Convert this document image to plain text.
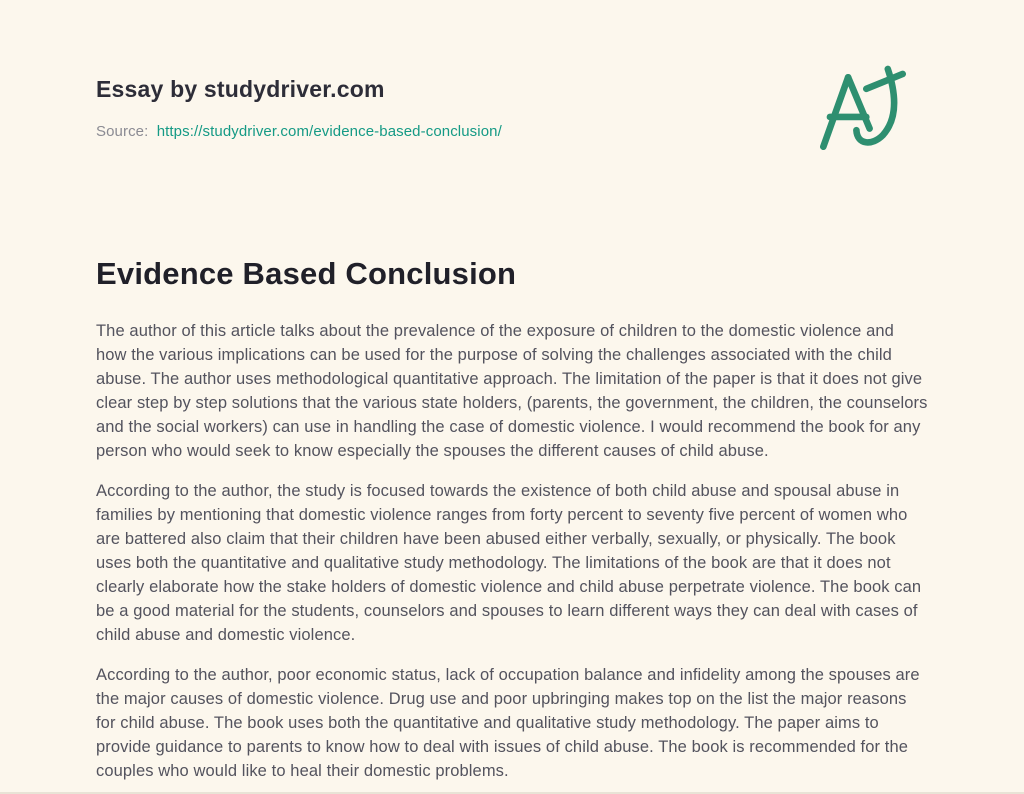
Essay by studydriver.com
Source: https://studydriver.com/evidence-based-conclusion/
Evidence Based Conclusion

The author of this article talks about the prevalence of the exposure of children to the domestic violence and how the various implications can be used for the purpose of solving the challenges associated with the child abuse. The author uses methodological quantitative approach. The limitation of the paper is that it does not give clear step by step solutions that the various state holders, (parents, the government, the children, the counselors and the social workers) can use in handling the case of domestic violence. I would recommend the book for any person who would seek to know especially the spouses the different causes of child abuse.

According to the author, the study is focused towards the existence of both child abuse and spousal abuse in families by mentioning that domestic violence ranges from forty percent to seventy five percent of women who are battered also claim that their children have been abused either verbally, sexually, or physically. The book uses both the quantitative and qualitative study methodology. The limitations of the book are that it does not clearly elaborate how the stake holders of domestic violence and child abuse perpetrate violence. The book can be a good material for the students, counselors and spouses to learn different ways they can deal with cases of child abuse and domestic violence.

According to the author, poor economic status, lack of occupation balance and infidelity among the spouses are the major causes of domestic violence. Drug use and poor upbringing makes top on the list the major reasons for child abuse. The book uses both the quantitative and qualitative study methodology. The paper aims to provide guidance to parents to know how to deal with issues of child abuse. The book is recommended for the couples who would like to heal their domestic problems.
